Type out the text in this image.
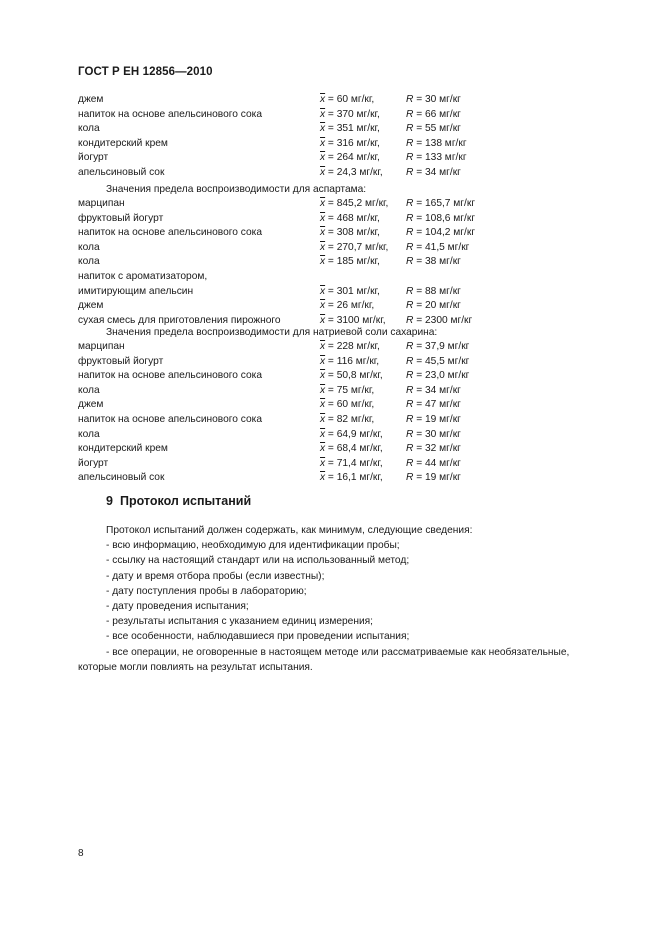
ГОСТ Р ЕН 12856—2010
джем	$\overline{x} = 60$ мг/кг,	R = 30 мг/кг
напиток на основе апельсинового сока	$\overline{x} = 370$ мг/кг,	R = 66 мг/кг
кола	$\overline{x} = 351$ мг/кг,	R = 55 мг/кг
кондитерский крем	$\overline{x} = 316$ мг/кг,	R = 138 мг/кг
йогурт	$\overline{x} = 264$ мг/кг,	R = 133 мг/кг
апельсиновый сок	$\overline{x} = 24,3$ мг/кг, R = 34 мг/кг
Значения предела воспроизводимости для аспартама:
марципан	$\overline{x} = 845,2$ мг/кг, R = 165,7 мг/кг
фруктовый йогурт	$\overline{x} = 468$ мг/кг,	R = 108,6 мг/кг
напиток на основе апельсинового сока	$\overline{x} = 308$ мг/кг,	R = 104,2 мг/кг
кола	$\overline{x} = 270,7$ мг/кг, R = 41,5 мг/кг
кола	$\overline{x} = 185$ мг/кг,	R = 38 мг/кг
напиток с ароматизатором,
имитирующим апельсин	$\overline{x} = 301$ мг/кг,	R = 88 мг/кг
джем	$\overline{x} = 26$ мг/кг,	R = 20 мг/кг
сухая смесь для приготовления пирожного	$\overline{x} = 3100$ мг/кг, R = 2300 мг/кг
Значения предела воспроизводимости для натриевой соли сахарина:
марципан	$\overline{x} = 228$ мг/кг,	R = 37,9 мг/кг
фруктовый йогурт	$\overline{x} = 116$ мг/кг,	R = 45,5 мг/кг
напиток на основе апельсинового сока	$\overline{x} = 50,8$ мг/кг, R = 23,0 мг/кг
кола	$\overline{x} = 75$ мг/кг,	R = 34 мг/кг
джем	$\overline{x} = 60$ мг/кг,	R = 47 мг/кг
напиток на основе апельсинового сока	$\overline{x} = 82$ мг/кг,	R = 19 мг/кг
кола	$\overline{x} = 64,9$ мг/кг, R = 30 мг/кг
кондитерский крем	$\overline{x} = 68,4$ мг/кг, R = 32 мг/кг
йогурт	$\overline{x} = 71,4$ мг/кг, R = 44 мг/кг
апельсиновый сок	$\overline{x} = 16,1$ мг/кг, R = 19 мг/кг
9 Протокол испытаний
Протокол испытаний должен содержать, как минимум, следующие сведения:
- всю информацию, необходимую для идентификации пробы;
- ссылку на настоящий стандарт или на использованный метод;
- дату и время отбора пробы (если известны);
- дату поступления пробы в лабораторию;
- дату проведения испытания;
- результаты испытания с указанием единиц измерения;
- все особенности, наблюдавшиеся при проведении испытания;
- все операции, не оговоренные в настоящем методе или рассматриваемые как необязательные,
которые могли повлиять на результат испытания.
8
